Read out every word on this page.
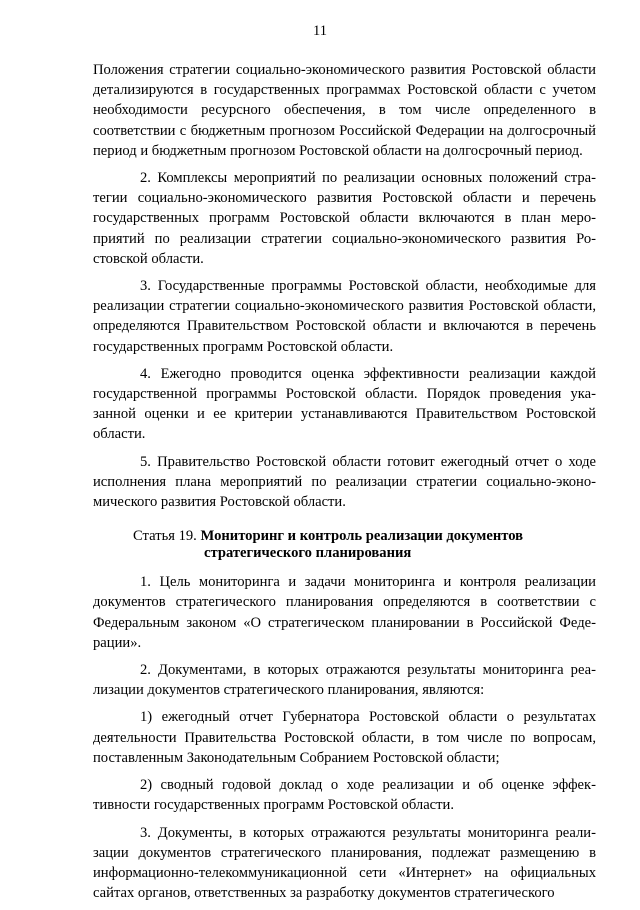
11

Положения стратегии социально-экономического развития Ростовской области детализируются в государственных программах Ростовской области с учетом необходимости ресурсного обеспечения, в том числе определенного в соответствии с бюджетным прогнозом Российской Федерации на долгосрочный период и бюджетным прогнозом Ростовской области на долгосрочный период.

2. Комплексы мероприятий по реализации основных положений стратегии социально-экономического развития Ростовской области и перечень государственных программ Ростовской области включаются в план мероприятий по реализации стратегии социально-экономического развития Ростовской области.

3. Государственные программы Ростовской области, необходимые для реализации стратегии социально-экономического развития Ростовской области, определяются Правительством Ростовской области и включаются в перечень государственных программ Ростовской области.

4. Ежегодно проводится оценка эффективности реализации каждой государственной программы Ростовской области. Порядок проведения указанной оценки и ее критерии устанавливаются Правительством Ростовской области.

5. Правительство Ростовской области готовит ежегодный отчет о ходе исполнения плана мероприятий по реализации стратегии социально-экономического развития Ростовской области.

Статья 19. Мониторинг и контроль реализации документов
стратегического планирования

1. Цель мониторинга и задачи мониторинга и контроля реализации документов стратегического планирования определяются в соответствии с Федеральным законом «О стратегическом планировании в Российской Федерации».

2. Документами, в которых отражаются результаты мониторинга реализации документов стратегического планирования, являются:

1) ежегодный отчет Губернатора Ростовской области о результатах деятельности Правительства Ростовской области, в том числе по вопросам, поставленным Законодательным Собранием Ростовской области;

2) сводный годовой доклад о ходе реализации и об оценке эффективности государственных программ Ростовской области.

3. Документы, в которых отражаются результаты мониторинга реализации документов стратегического планирования, подлежат размещению в информационно-телекоммуникационной сети «Интернет» на официальных сайтах органов, ответственных за разработку документов стратегического
